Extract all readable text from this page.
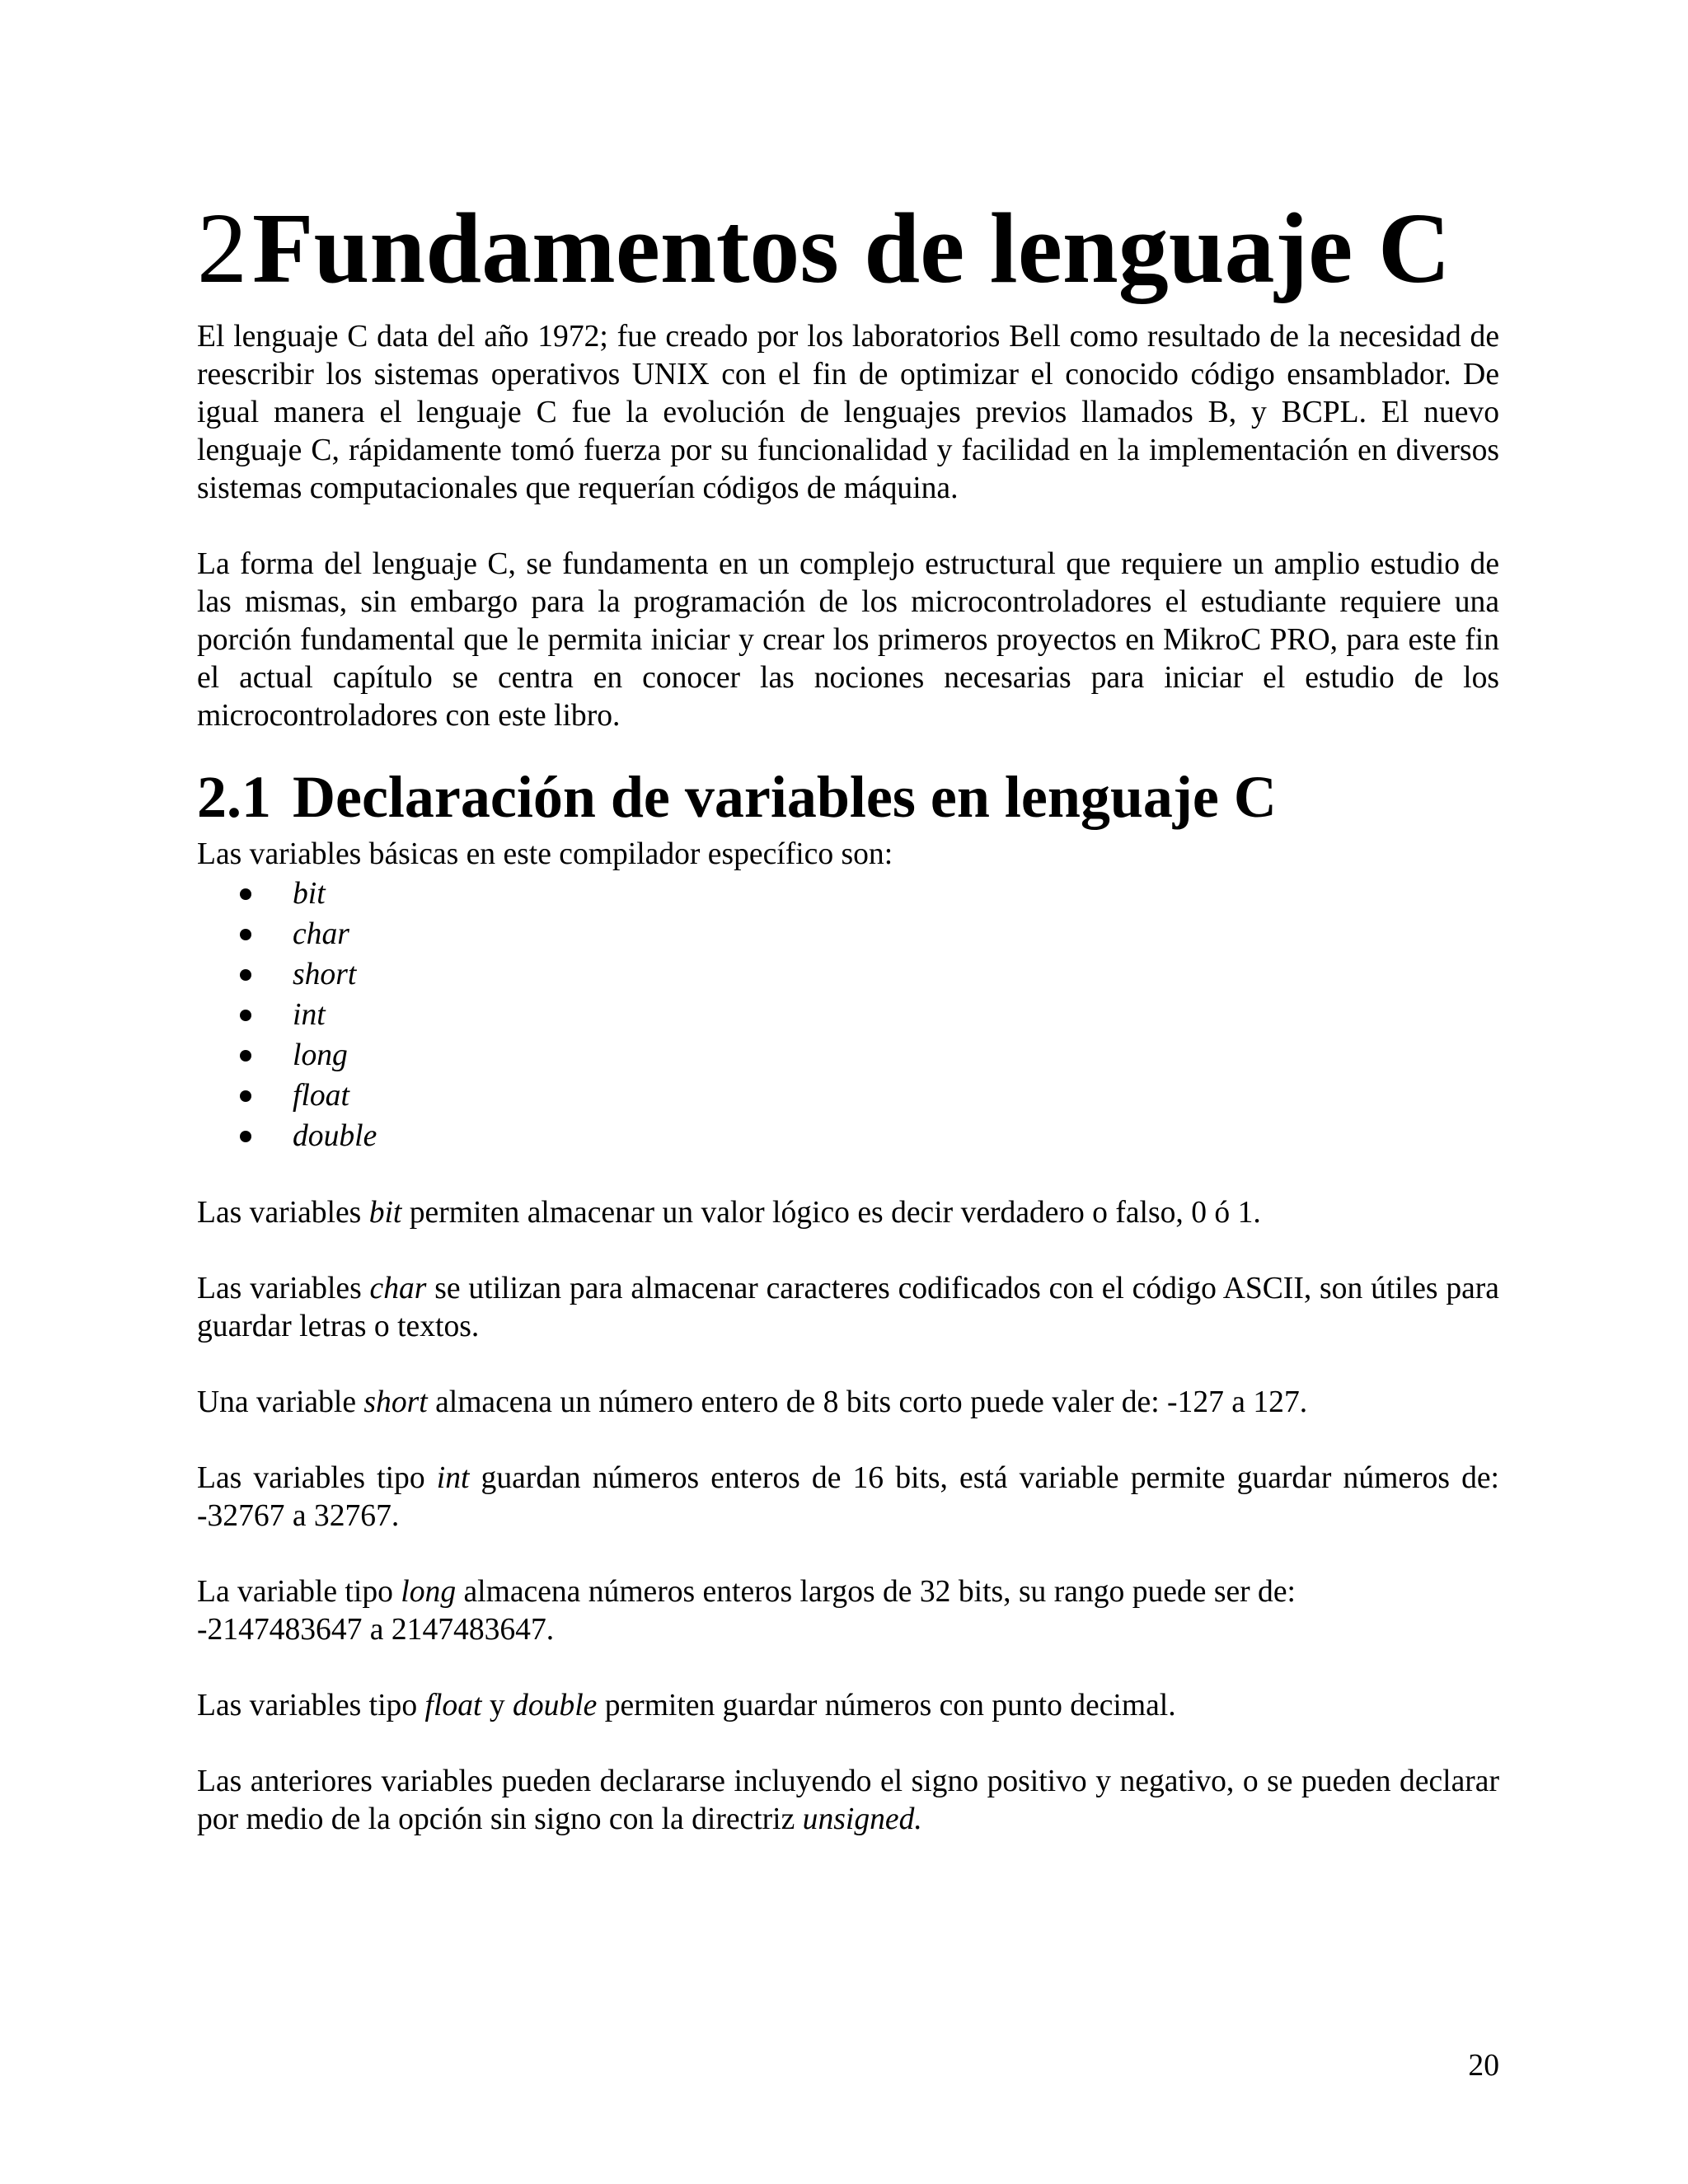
2Fundamentos de lenguaje C

El lenguaje C data del año 1972; fue creado por los laboratorios Bell como resultado de la necesidad de reescribir los sistemas operativos UNIX con el fin de optimizar el conocido código ensamblador. De igual manera el lenguaje C fue la evolución de lenguajes previos llamados B, y BCPL. El nuevo lenguaje C, rápidamente tomó fuerza por su funcionalidad y facilidad en la implementación en diversos sistemas computacionales que requerían códigos de máquina.

La forma del lenguaje C, se fundamenta en un complejo estructural que requiere un amplio estudio de las mismas, sin embargo para la programación de los microcontroladores el estudiante requiere una porción fundamental que le permita iniciar y crear los primeros proyectos en MikroC PRO, para este fin el actual capítulo se centra en conocer las nociones necesarias para iniciar el estudio de los microcontroladores con este libro.

2.1 Declaración de variables en lenguaje C

Las variables básicas en este compilador específico son:

bit
char
short
int
long
float
double

Las variables bit permiten almacenar un valor lógico es decir verdadero o falso, 0 ó 1.

Las variables char se utilizan para almacenar caracteres codificados con el código ASCII, son útiles para guardar letras o textos.

Una variable short almacena un número entero de 8 bits corto puede valer de: -127 a 127.

Las variables tipo int guardan números enteros de 16 bits, está variable permite guardar números de: -32767 a 32767.

La variable tipo long almacena números enteros largos de 32 bits, su rango puede ser de:
-2147483647 a 2147483647.

Las variables tipo float y double permiten guardar números con punto decimal.

Las anteriores variables pueden declararse incluyendo el signo positivo y negativo, o se pueden declarar por medio de la opción sin signo con la directriz unsigned.

20
